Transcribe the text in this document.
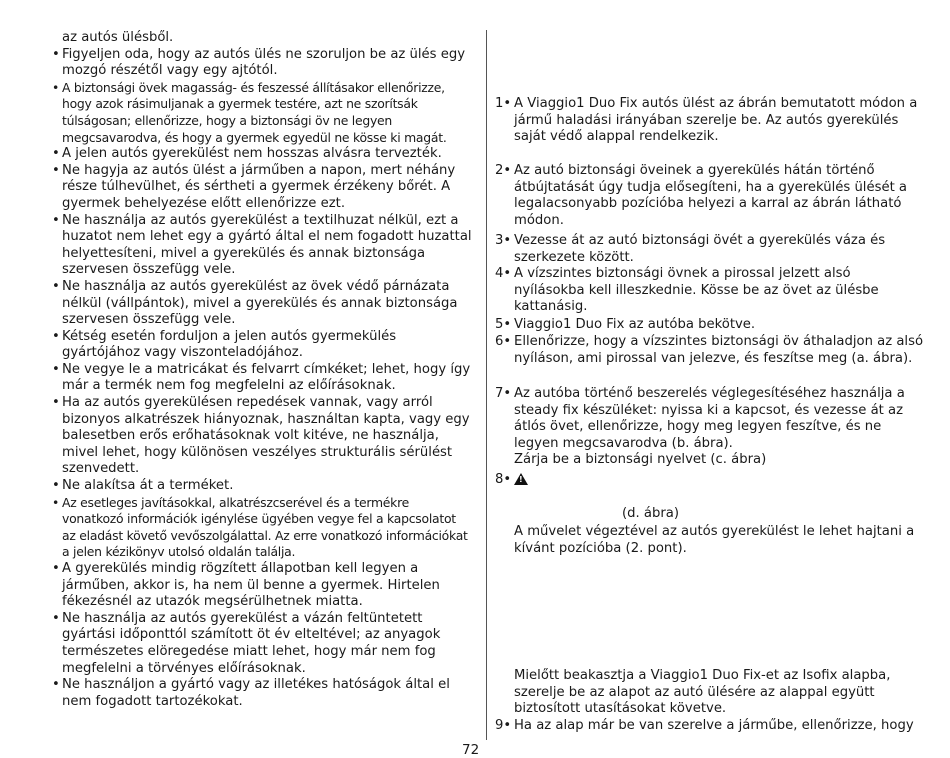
az autós ülésből.

• Figyeljen oda, hogy az autós ülés ne szoruljon be az ülés egy mozgó részétől vagy egy ajtótól.

• A biztonsági övek magasság- és feszessé állításakor ellenőrizze, hogy azok rásimuljanak a gyermek testére, azt ne szorítsák túlságosan; ellenőrizze, hogy a biztonsági öv ne legyen megcsavarodva, és hogy a gyermek egyedül ne kösse ki magát.

• A jelen autós gyerekülést nem hosszas alvásra tervezték.

• Ne hagyja az autós ülést a járműben a napon, mert néhány része túlhevülhet, és sértheti a gyermek érzékeny bőrét. A gyermek behelyezése előtt ellenőrizze ezt.

• Ne használja az autós gyerekülést a textilhuzat nélkül, ezt a huzatot nem lehet egy a gyártó által el nem fogadott huzattal helyettesíteni, mivel a gyerekülés és annak biztonsága szervesen összefügg vele.

• Ne használja az autós gyerekülést az övek védő párnázata nélkül (vállpántok), mivel a gyerekülés és annak biztonsága szervesen összefügg vele.

• Kétség esetén forduljon a jelen autós gyermekülés gyártójához vagy viszonteladójához.

• Ne vegye le a matricákat és felvarrt címkéket; lehet, hogy így már a termék nem fog megfelelni az előírásoknak.

• Ha az autós gyerekülésen repedések vannak, vagy arról bizonyos alkatrészek hiányoznak, használtan kapta, vagy egy balesetben erős erőhatásoknak volt kitéve, ne használja, mivel lehet, hogy különösen veszélyes strukturális sérülést szenvedett.

• Ne alakítsa át a terméket.

• Az esetleges javításokkal, alkatrészcserével és a termékre vonatkozó információk igénylése ügyében vegye fel a kapcsolatot az eladást követő vevőszolgálattal. Az erre vonatkozó információkat a jelen kézikönyv utolsó oldalán találja.

• A gyerekülés mindig rögzített állapotban kell legyen a járműben, akkor is, ha nem ül benne a gyermek. Hirtelen fékezésnél az utazók megsérülhetnek miatta.

• Ne használja az autós gyerekülést a vázán feltüntetett gyártási időponttól számított öt év elteltével; az anyagok természetes elöregedése miatt lehet, hogy már nem fog megfelelni a törvényes előírásoknak.

• Ne használjon a gyártó vagy az illetékes hatóságok által el nem fogadott tartozékokat.

1• A Viaggio1 Duo Fix autós ülést az ábrán bemutatott módon a jármű haladási irányában szerelje be. Az autós gyerekülés saját védő alappal rendelkezik.
2• Az autó biztonsági öveinek a gyerekülés hátán történő átbújtatását úgy tudja elősegíteni, ha a gyerekülés ülését a legalacsonyabb pozícióba helyezi a karral az ábrán látható módon.
3• Vezesse át az autó biztonsági övét a gyerekülés váza és szerkezete között.
4• A vízszintes biztonsági övnek a pirossal jelzett alsó nyílásokba kell illeszkednie. Kösse be az övet az ülésbe kattanásig.
5• Viaggio1 Duo Fix az autóba bekötve.
6• Ellenőrizze, hogy a vízszintes biztonsági öv áthaladjon az alsó nyíláson, ami pirossal van jelezve, és feszítse meg (a. ábra).
7• Az autóba történő beszerelés véglegesítéséhez használja a steady fix készüléket: nyissa ki a kapcsot, és vezesse át az átlós övet, ellenőrizze, hogy meg legyen feszítve, és ne legyen megcsavarodva (b. ábra).
Zárja be a biztonsági nyelvet (c. ábra)
8•
!
(d. ábra)
A művelet végeztével az autós gyerekülést le lehet hajtani a kívánt pozícióba (2. pont).
Mielőtt beakasztja a Viaggio1 Duo Fix-et az Isofix alapba, szerelje be az alapot az autó ülésére az alappal együtt biztosított utasításokat követve.
9• Ha az alap már be van szerelve a járműbe, ellenőrizze, hogy
72
